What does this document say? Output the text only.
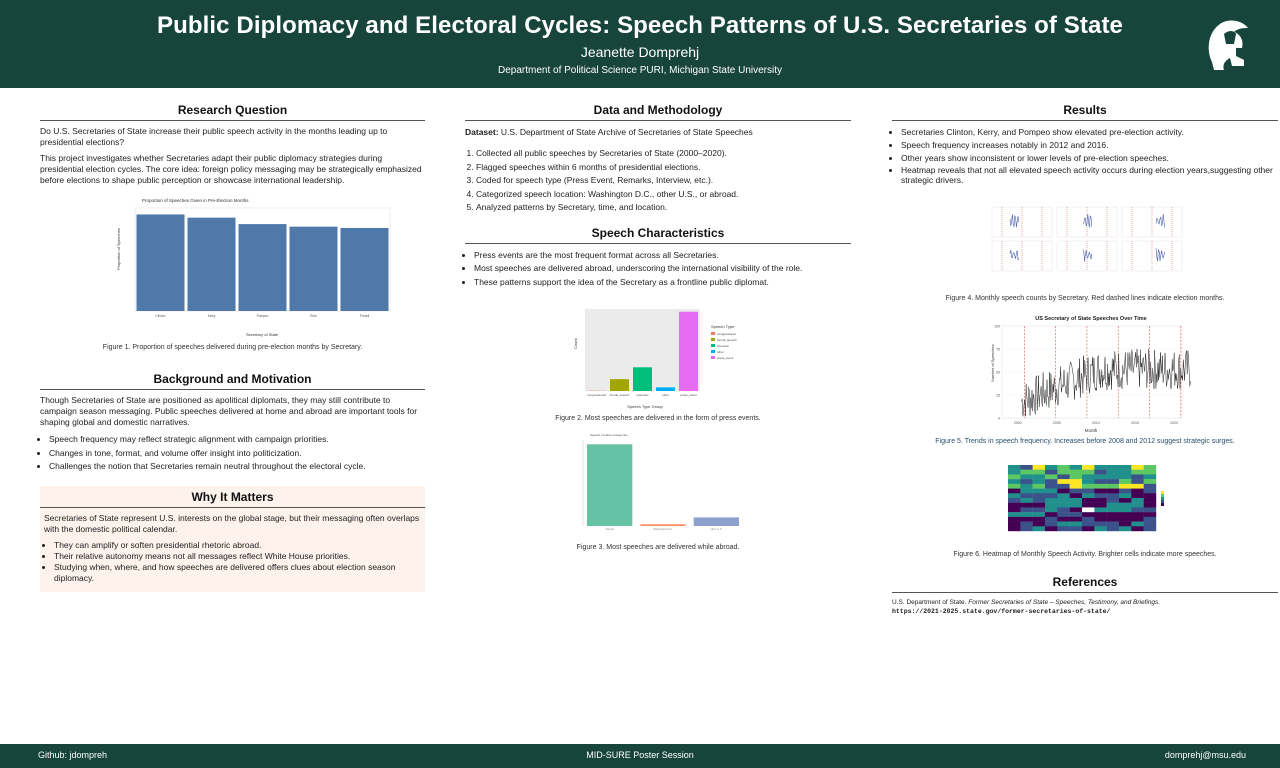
Public Diplomacy and Electoral Cycles: Speech Patterns of U.S. Secretaries of State
Jeanette Domprehj
Department of Political Science PURI, Michigan State University
Research Question

Do U.S. Secretaries of State increase their public speech activity in the months leading up to presidential elections?

This project investigates whether Secretaries adapt their public diplomacy strategies during presidential election cycles. The core idea: foreign policy messaging may be strategically emphasized before elections to shape public perception or showcase international leadership.

Proportion of Speeches Given in Pre-Election Months
Proportion of Speeches
Secretary of State
Clinton	Kerry	Pompeo	Rice	Powell
Figure 1. Proportion of speeches delivered during pre-election months by Secretary.
Background and Motivation

Though Secretaries of State are positioned as apolitical diplomats, they may still contribute to campaign season messaging. Public speeches delivered at home and abroad are important tools for shaping global and domestic narratives.

• Speech frequency may reflect strategic alignment with campaign priorities.
• Changes in tone, format, and volume offer insight into politicization.
• Challenges the notion that Secretaries remain neutral throughout the electoral cycle.
Why It Matters

Secretaries of State represent U.S. interests on the global stage, but their messaging often overlaps with the domestic political calendar.

• They can amplify or soften presidential rhetoric abroad.
• Their relative autonomy means not all messages reflect White House priorities.
• Studying when, where, and how speeches are delivered offers clues about election season diplomacy.
Data and Methodology

Dataset: U.S. Department of State Archive of Secretaries of State Speeches

1. Collected all public speeches by Secretaries of State (2000–2020).
2. Flagged speeches within 6 months of presidential elections.
3. Coded for speech type (Press Event, Remarks, Interview, etc.).
4. Categorized speech location: Washington D.C., other U.S., or abroad.
5. Analyzed patterns by Secretary, time, and location.
Speech Characteristics
• Press events are the most frequent format across all Secretaries.
• Most speeches are delivered abroad, underscoring the international visibility of the role.
• These patterns support the idea of the Secretary as a frontline public diplomat.
Count
Speech Type Group
Speech Type
congressional
congressional
formal_speech
formal_speech
interview
interview
other
other
press_event
press_event
Figure 2. Most speeches are delivered in the form of press events.
Speech Location Categories
abroad	Washington D.C.	other U.S.
Figure 3. Most speeches are delivered while abroad.
Results
• Secretaries Clinton, Kerry, and Pompeo show elevated pre-election activity.
• Speech frequency increases notably in 2012 and 2016.
• Other years show inconsistent or lower levels of pre-election speeches.
• Heatmap reveals that not all elevated speech activity occurs during election years,suggesting other strategic drivers.
Figure 4. Monthly speech counts by Secretary. Red dashed lines indicate election months.
US Secretary of State Speeches Over Time
Number of Speeches
Month
0
25
50
75
100
2000	2005	2010	2015	2020
Figure 5. Trends in speech frequency. Increases before 2008 and 2012 suggest strategic surges.
Figure 6. Heatmap of Monthly Speech Activity. Brighter cells indicate more speeches.
References
U.S. Department of State. Former Secretaries of State – Speeches, Testimony, and Briefings.
https://2021-2025.state.gov/former-secretaries-of-state/
Github: jdompreh	MID-SURE Poster Session	domprehj@msu.edu
